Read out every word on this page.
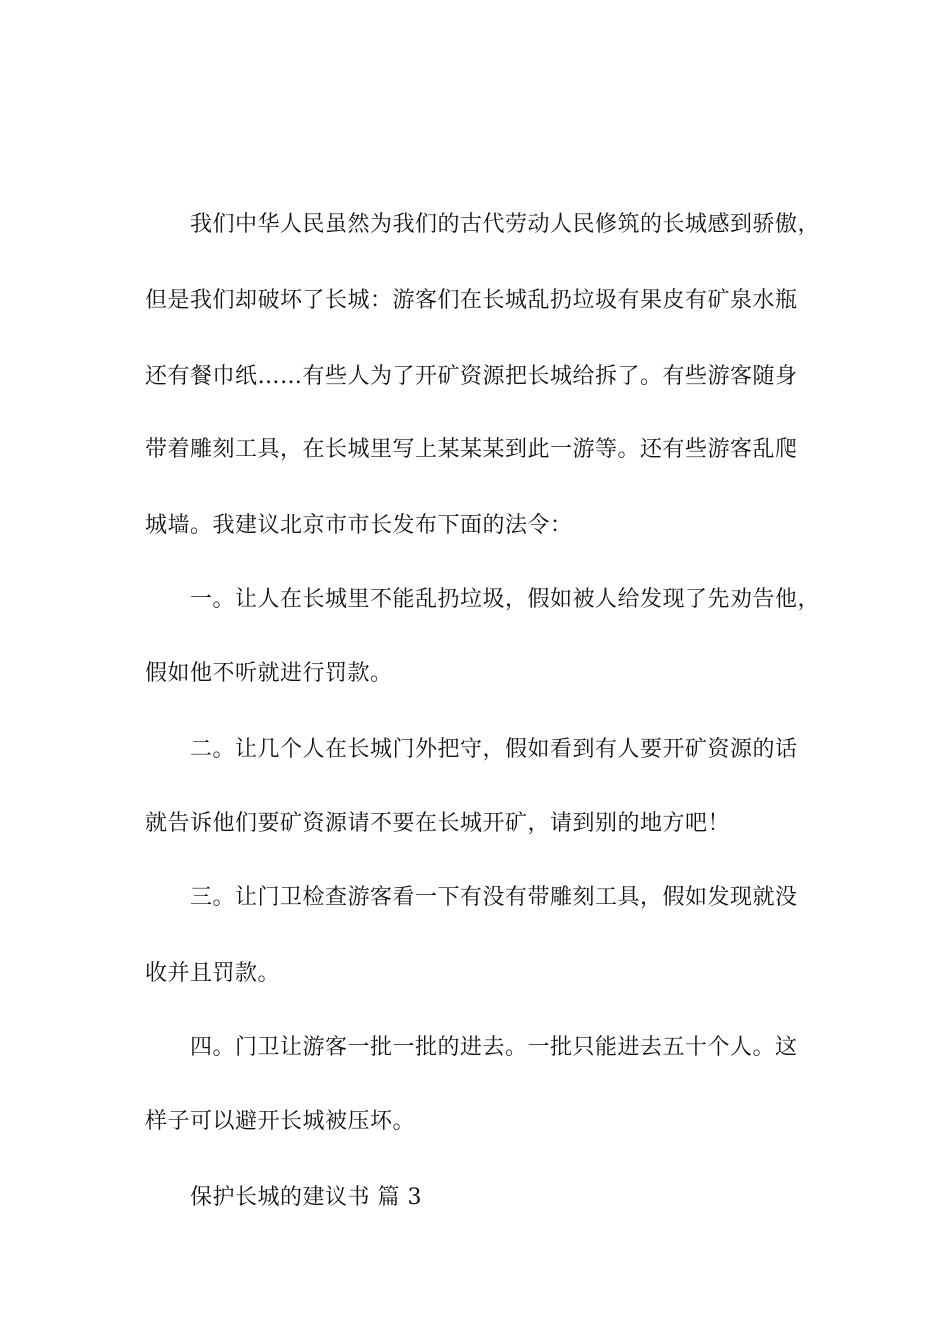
我们中华人民虽然为我们的古代劳动人民修筑的长城感到骄傲，
但是我们却破坏了长城：游客们在长城乱扔垃圾有果皮有矿泉水瓶
还有餐巾纸……有些人为了开矿资源把长城给拆了。有些游客随身
带着雕刻工具，在长城里写上某某某到此一游等。还有些游客乱爬
城墙。我建议北京市市长发布下面的法令：
一。让人在长城里不能乱扔垃圾，假如被人给发现了先劝告他，
假如他不听就进行罚款。
二。让几个人在长城门外把守，假如看到有人要开矿资源的话
就告诉他们要矿资源请不要在长城开矿，请到别的地方吧！
三。让门卫检查游客看一下有没有带雕刻工具，假如发现就没
收并且罚款。
四。门卫让游客一批一批的进去。一批只能进去五十个人。这
样子可以避开长城被压坏。
保护长城的建议书 篇 3
